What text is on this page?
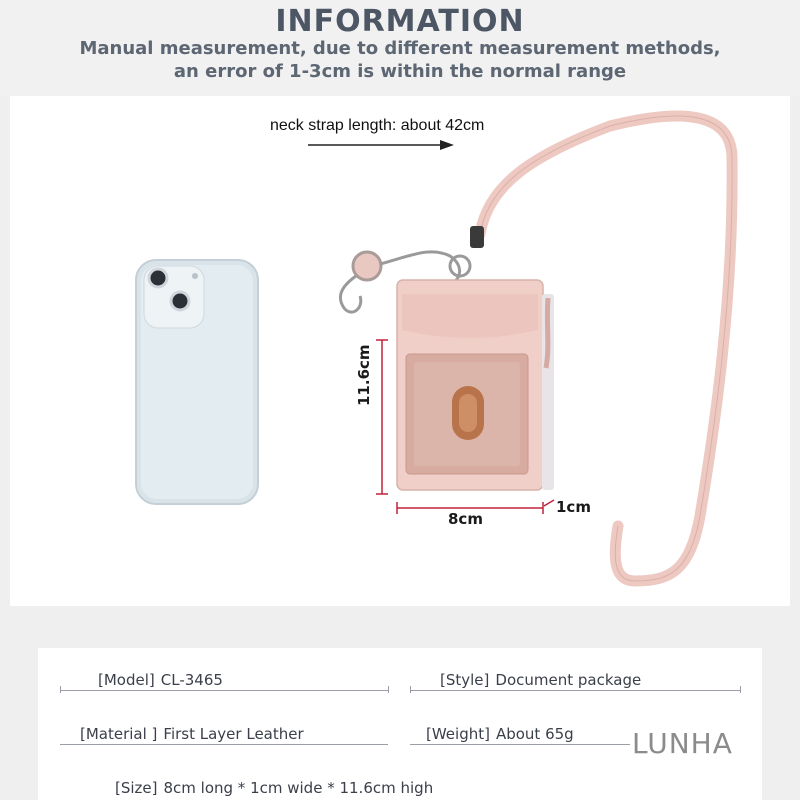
INFORMATION
Manual measurement, due to different measurement methods,
an error of 1-3cm is within the normal range
neck strap length: about 42cm
11.6cm
8cm
1cm
[Model] CL-3465	[Style] Document package
[Material ] First Layer Leather	[Weight] About 65g
[Size] 8cm long * 1cm wide * 11.6cm high
LUNHA
